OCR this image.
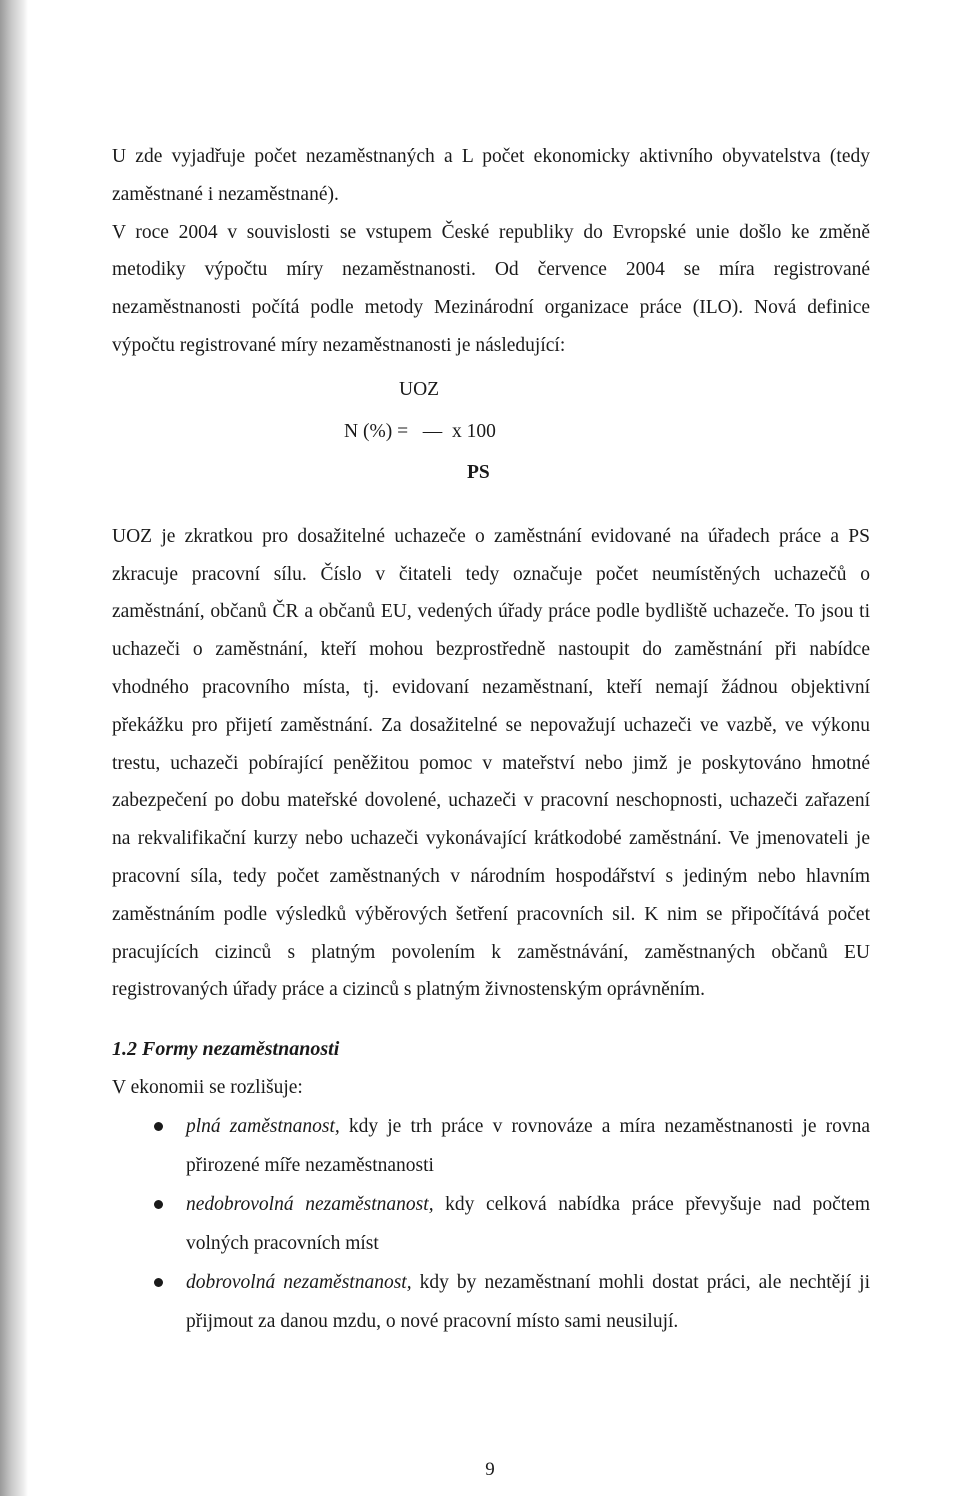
U zde vyjadřuje počet nezaměstnaných a L počet ekonomicky aktivního obyvatelstva (tedy zaměstnané i nezaměstnané).

V roce 2004 v souvislosti se vstupem České republiky do Evropské unie došlo ke změně metodiky výpočtu míry nezaměstnanosti. Od července 2004 se míra registrované nezaměstnanosti počítá podle metody Mezinárodní organizace práce (ILO). Nová definice výpočtu registrované míry nezaměstnanosti je následující:

UOZ
N (%) = — x 100
PS

UOZ je zkratkou pro dosažitelné uchazeče o zaměstnání evidované na úřadech práce a PS zkracuje pracovní sílu. Číslo v čitateli tedy označuje počet neumístěných uchazečů o zaměstnání, občanů ČR a občanů EU, vedených úřady práce podle bydliště uchazeče. To jsou ti uchazeči o zaměstnání, kteří mohou bezprostředně nastoupit do zaměstnání při nabídce vhodného pracovního místa, tj. evidovaní nezaměstnaní, kteří nemají žádnou objektivní překážku pro přijetí zaměstnání. Za dosažitelné se nepovažují uchazeči ve vazbě, ve výkonu trestu, uchazeči pobírající peněžitou pomoc v mateřství nebo jimž je poskytováno hmotné zabezpečení po dobu mateřské dovolené, uchazeči v pracovní neschopnosti, uchazeči zařazení na rekvalifikační kurzy nebo uchazeči vykonávající krátkodobé zaměstnání. Ve jmenovateli je pracovní síla, tedy počet zaměstnaných v národním hospodářství s jediným nebo hlavním zaměstnáním podle výsledků výběrových šetření pracovních sil. K nim se připočítává počet pracujících cizinců s platným povolením k zaměstnávání, zaměstnaných občanů EU registrovaných úřady práce a cizinců s platným živnostenským oprávněním.

1.2 Formy nezaměstnanosti

V ekonomii se rozlišuje:

plná zaměstnanost, kdy je trh práce v rovnováze a míra nezaměstnanosti je rovna přirozené míře nezaměstnanosti
nedobrovolná nezaměstnanost, kdy celková nabídka práce převyšuje nad počtem volných pracovních míst
dobrovolná nezaměstnanost, kdy by nezaměstnaní mohli dostat práci, ale nechtějí ji přijmout za danou mzdu, o nové pracovní místo sami neusilují.
9
